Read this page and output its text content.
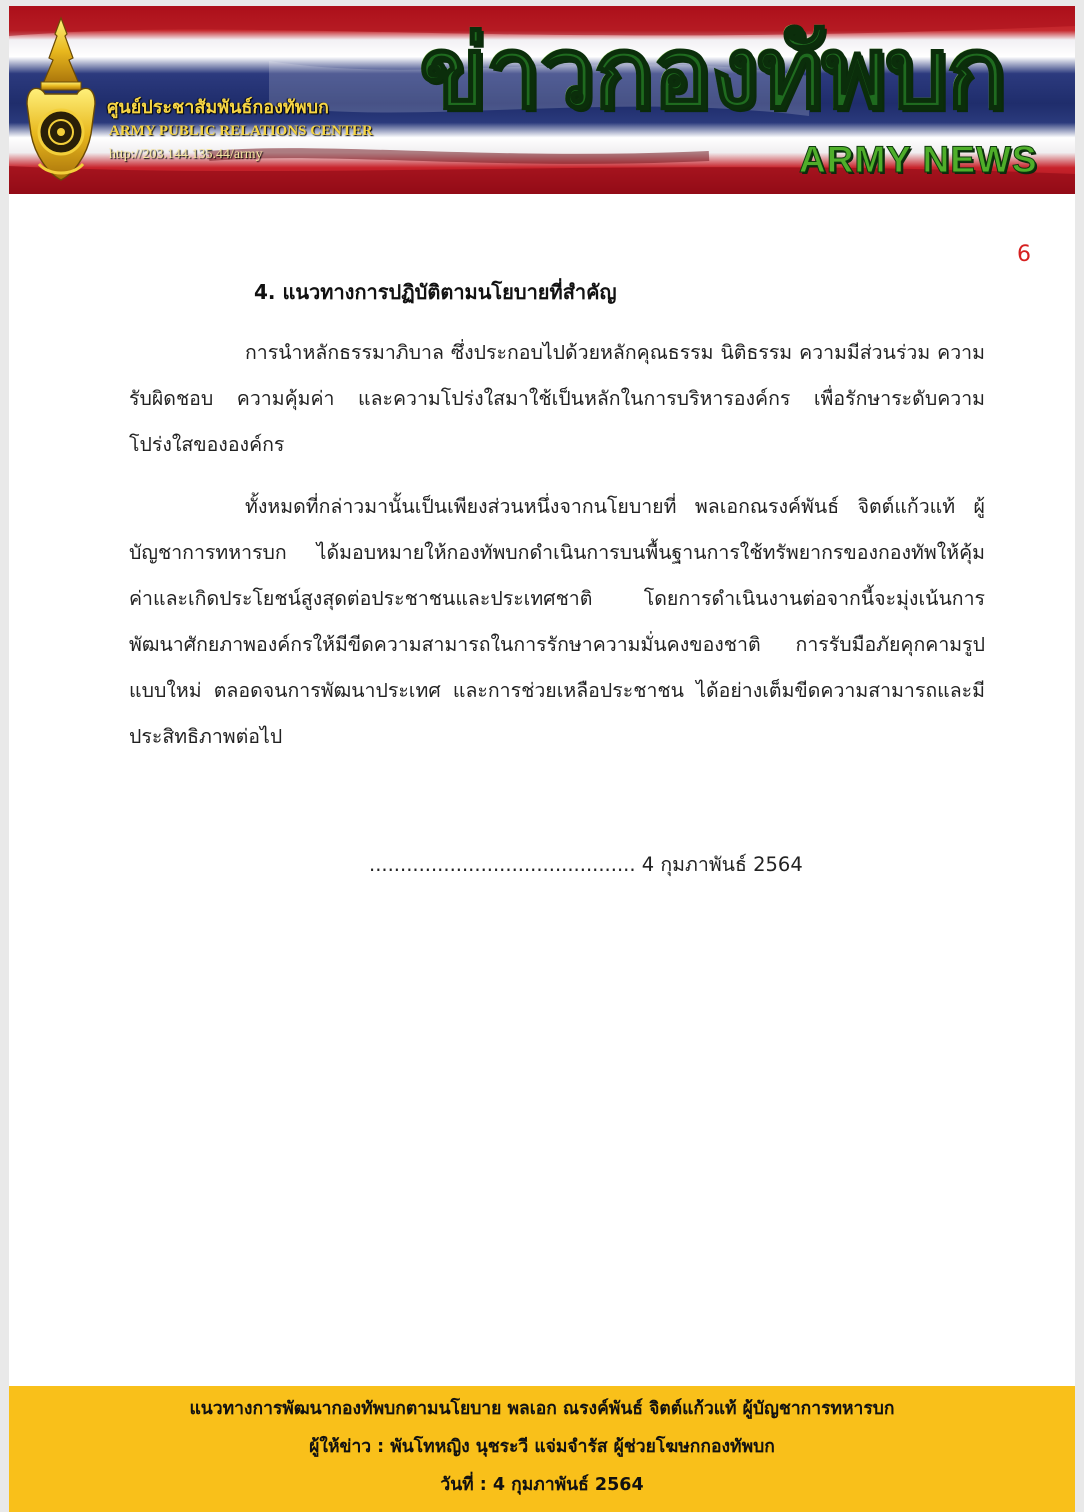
ศูนย์ประชาสัมพันธ์กองทัพบก
ARMY PUBLIC RELATIONS CENTER
http://203.144.135.44/army
ข่าวกองทัพบก
ARMY NEWS
6
4. แนวทางการปฏิบัติตามนโยบายที่สำคัญ

การนำหลักธรรมาภิบาล ซึ่งประกอบไปด้วยหลักคุณธรรม นิติธรรม ความมีส่วนร่วม ความรับผิดชอบ ความคุ้มค่า และความโปร่งใสมาใช้เป็นหลักในการบริหารองค์กร เพื่อรักษาระดับความโปร่งใสขององค์กร

ทั้งหมดที่กล่าวมานั้นเป็นเพียงส่วนหนึ่งจากนโยบายที่ พลเอกณรงค์พันธ์ จิตต์แก้วแท้ ผู้บัญชาการทหารบก ได้มอบหมายให้กองทัพบกดำเนินการบนพื้นฐานการใช้ทรัพยากรของกองทัพให้คุ้มค่าและเกิดประโยชน์สูงสุดต่อประชาชนและประเทศชาติ โดยการดำเนินงานต่อจากนี้จะมุ่งเน้นการพัฒนาศักยภาพองค์กรให้มีขีดความสามารถในการรักษาความมั่นคงของชาติ การรับมือภัยคุกคามรูปแบบใหม่ ตลอดจนการพัฒนาประเทศ และการช่วยเหลือประชาชน ได้อย่างเต็มขีดความสามารถและมีประสิทธิภาพต่อไป

........................................... 4 กุมภาพันธ์ 2564
แนวทางการพัฒนากองทัพบกตามนโยบาย พลเอก ณรงค์พันธ์ จิตต์แก้วแท้ ผู้บัญชาการทหารบก
ผู้ให้ข่าว : พันโทหญิง นุชระวี แจ่มจำรัส ผู้ช่วยโฆษกกองทัพบก
วันที่ : 4 กุมภาพันธ์ 2564
